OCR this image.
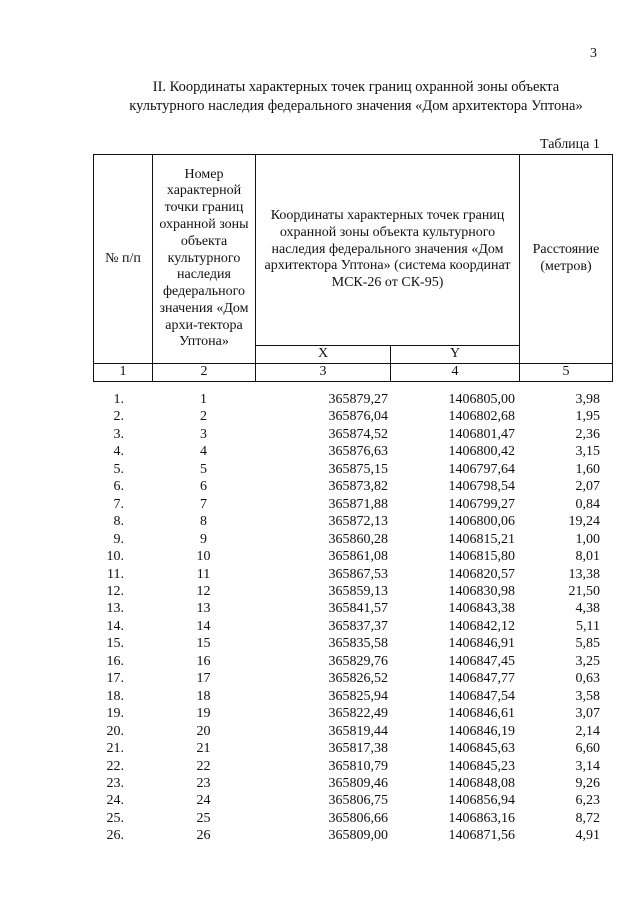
3
II. Координаты характерных точек границ охранной зоны объекта
культурного наследия федерального значения «Дом архитектора Уптона»
Таблица 1
№ п/п	Номер характерной точки границ охранной зоны объекта культурного наследия федерального значения «Дом архи-тектора Уптона»	Координаты характерных точек границ охранной зоны объекта культурного наследия федерального значения «Дом архитектора Уптона» (система координат МСК-26 от СК-95)		Расстояние (метров)
		X	Y	
1	2	3	4	5
1.	1	365879,27	1406805,00	3,98
2.	2	365876,04	1406802,68	1,95
3.	3	365874,52	1406801,47	2,36
4.	4	365876,63	1406800,42	3,15
5.	5	365875,15	1406797,64	1,60
6.	6	365873,82	1406798,54	2,07
7.	7	365871,88	1406799,27	0,84
8.	8	365872,13	1406800,06	19,24
9.	9	365860,28	1406815,21	1,00
10.	10	365861,08	1406815,80	8,01
11.	11	365867,53	1406820,57	13,38
12.	12	365859,13	1406830,98	21,50
13.	13	365841,57	1406843,38	4,38
14.	14	365837,37	1406842,12	5,11
15.	15	365835,58	1406846,91	5,85
16.	16	365829,76	1406847,45	3,25
17.	17	365826,52	1406847,77	0,63
18.	18	365825,94	1406847,54	3,58
19.	19	365822,49	1406846,61	3,07
20.	20	365819,44	1406846,19	2,14
21.	21	365817,38	1406845,63	6,60
22.	22	365810,79	1406845,23	3,14
23.	23	365809,46	1406848,08	9,26
24.	24	365806,75	1406856,94	6,23
25.	25	365806,66	1406863,16	8,72
26.	26	365809,00	1406871,56	4,91
